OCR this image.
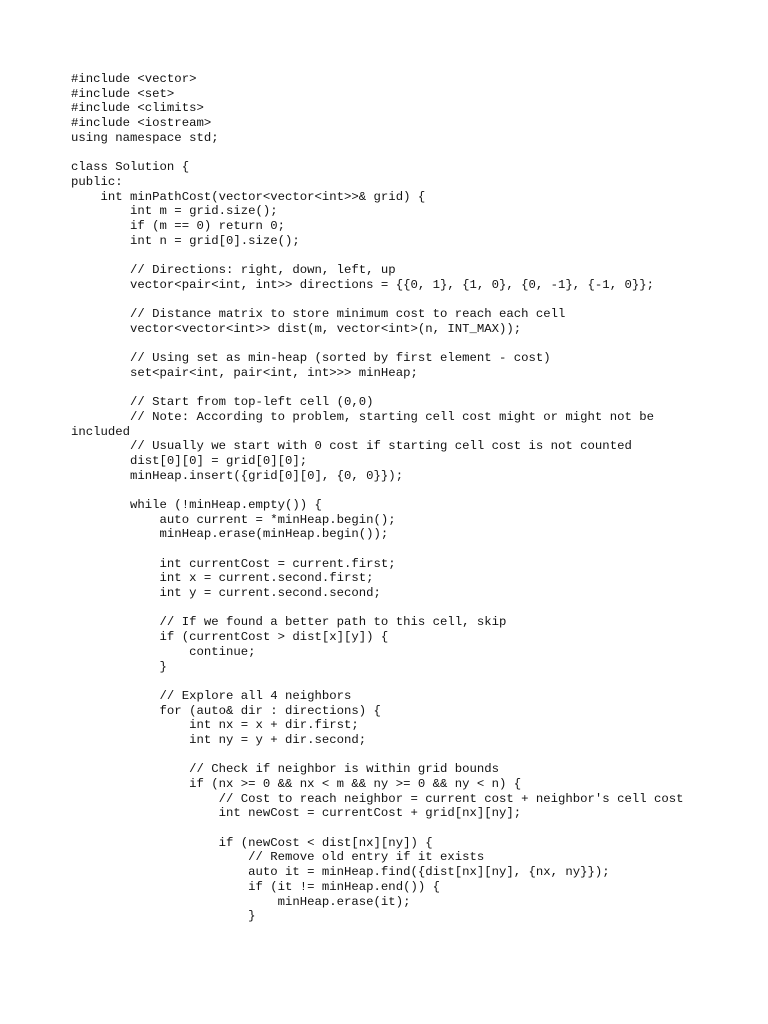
#include <vector>
#include <set>
#include <climits>
#include <iostream>
using namespace std;
class Solution {
public:
int minPathCost(vector<vector<int>>& grid) {
int m = grid.size();
if (m == 0) return 0;
int n = grid[0].size();
// Directions: right, down, left, up
vector<pair<int, int>> directions = {{0, 1}, {1, 0}, {0, -1}, {-1, 0}};
// Distance matrix to store minimum cost to reach each cell
vector<vector<int>> dist(m, vector<int>(n, INT_MAX));
// Using set as min-heap (sorted by first element - cost)
set<pair<int, pair<int, int>>> minHeap;
// Start from top-left cell (0,0)
// Note: According to problem, starting cell cost might or might not be
included
// Usually we start with 0 cost if starting cell cost is not counted
dist[0][0] = grid[0][0];
minHeap.insert({grid[0][0], {0, 0}});
while (!minHeap.empty()) {
auto current = *minHeap.begin();
minHeap.erase(minHeap.begin());
int currentCost = current.first;
int x = current.second.first;
int y = current.second.second;
// If we found a better path to this cell, skip
if (currentCost > dist[x][y]) {
continue;
}
// Explore all 4 neighbors
for (auto& dir : directions) {
int nx = x + dir.first;
int ny = y + dir.second;
// Check if neighbor is within grid bounds
if (nx >= 0 && nx < m && ny >= 0 && ny < n) {
// Cost to reach neighbor = current cost + neighbor's cell cost
int newCost = currentCost + grid[nx][ny];
if (newCost < dist[nx][ny]) {
// Remove old entry if it exists
auto it = minHeap.find({dist[nx][ny], {nx, ny}});
if (it != minHeap.end()) {
minHeap.erase(it);
}
